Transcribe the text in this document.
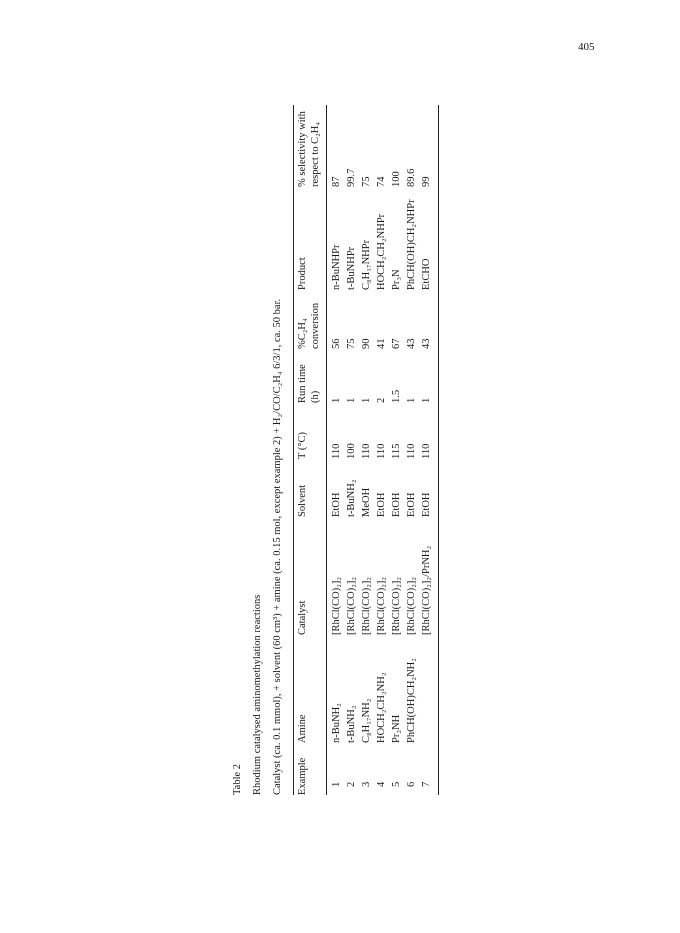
405
Table 2 Rhodium catalysed aminomethylation reactions Catalyst (ca. 0.1 mmol), + solvent (60 cm³) + amine (ca. 0.15 mol, except example 2) + H₂/CO/C₂H₄ 6/3/1, ca. 50 bar. Example
Amine
Catalyst
Solvent
T (°C)
Run time (h)
%C₂H₄ conversion
Product
% selectivity with respect to C₂H₄
1
n-BuNH₂
[RhCl(CO)₂]₂
EtOH
110
1
56
n-BuNHPr
87
2
t-BuNH₂
[RhCl(CO)₂]₂
t-BuNH₂
100
1
75
t-BuNHPr
99.7
3
C₈H₁₇NH₂
[RhCl(CO)₂]₂
MeOH
110
1
90
C₈H₁₇NHPr
75
4
HOCH₂CH₂NH₂
[RhCl(CO)₂]₂
EtOH
110
2
41
HOCH₂CH₂NHPr
74
5
Pr₂NH
[RhCl(CO)₂]₂
EtOH
115
1.5
67
Pr₃N
100
6
PhCH(OH)CH₂NH₂
[RhCl(CO)₂]₂
EtOH
110
1
43
PhCH(OH)CH₂NHPr
89.6
7
[RhCl(CO)₂]₂/PrNH₂
EtOH
110
1
43
EtCHO
99
